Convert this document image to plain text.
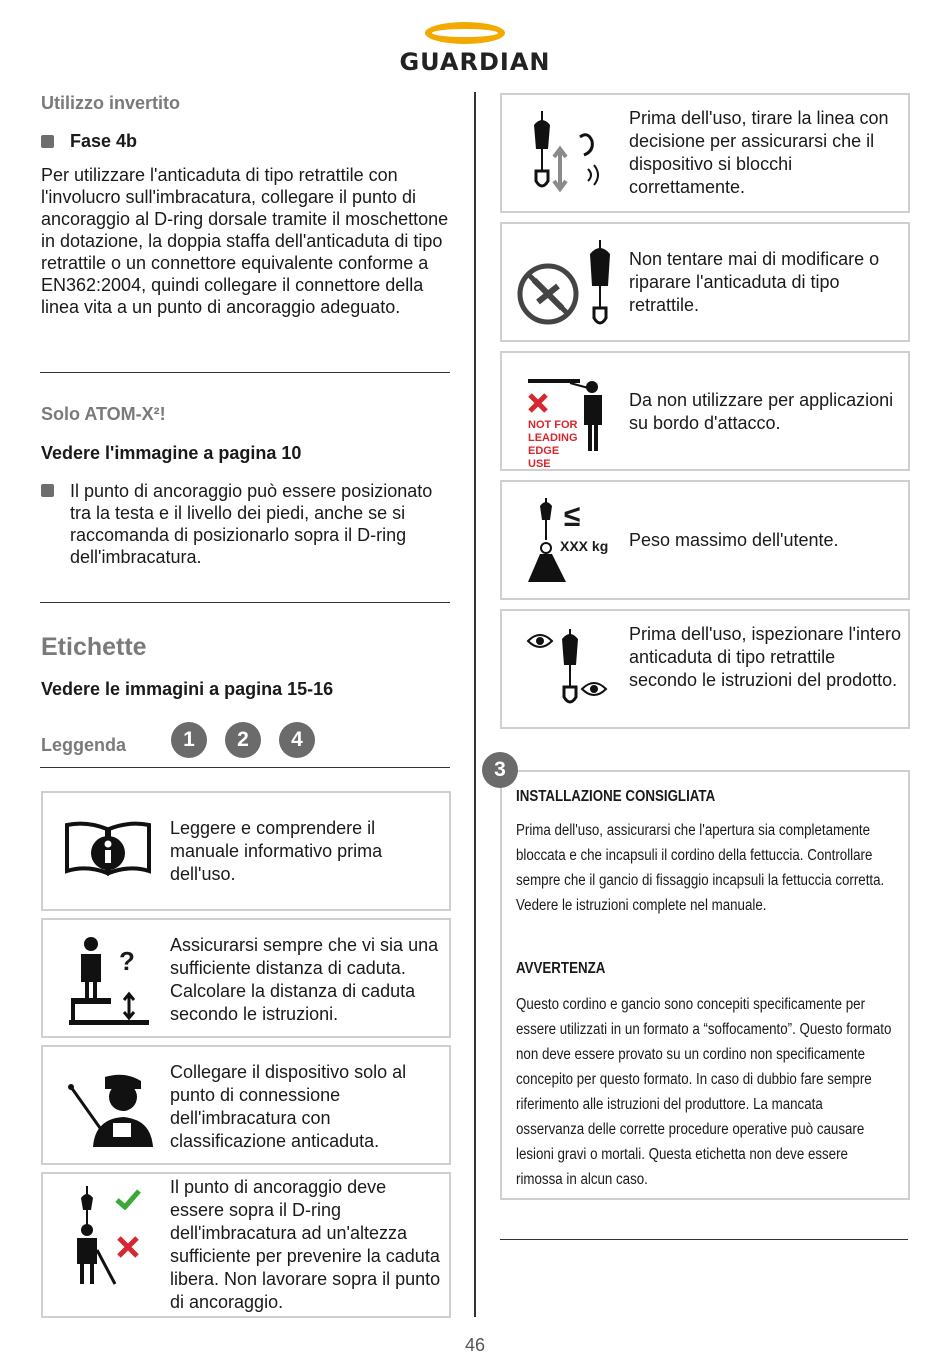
GUARDIAN
Utilizzo invertito
Fase 4b
Per utilizzare l'anticaduta di tipo retrattile con l'involucro sull'imbracatura, collegare il punto di ancoraggio al D-ring dorsale tramite il moschettone in dotazione, la doppia staffa dell'anticaduta di tipo retrattile o un connettore equivalente conforme a EN362:2004, quindi collegare il connettore della linea vita a un punto di ancoraggio adeguato.
Solo ATOM-X²!
Vedere l'immagine a pagina 10
Il punto di ancoraggio può essere posizionato tra la testa e il livello dei piedi, anche se si raccomanda di posizionarlo sopra il D-ring dell'imbracatura.
Etichette
Vedere le immagini a pagina 15-16
Leggenda	1	2	4
Leggere e comprendere il manuale informativo prima dell'uso.
?
Assicurarsi sempre che vi sia una sufficiente distanza di caduta. Calcolare la distanza di caduta secondo le istruzioni.
Collegare il dispositivo solo al punto di connessione dell'imbracatura con classificazione anticaduta.
Il punto di ancoraggio deve essere sopra il D-ring dell'imbracatura ad un'altezza sufficiente per prevenire la caduta libera. Non lavorare sopra il punto di ancoraggio.
Prima dell'uso, tirare la linea con decisione per assicurarsi che il dispositivo si blocchi correttamente.
Non tentare mai di modificare o riparare l'anticaduta di tipo retrattile.
NOT FOR LEADING EDGE USE
Da non utilizzare per applicazioni su bordo d'attacco.
≤
XXX kg Peso massimo dell'utente.
Prima dell'uso, ispezionare l'intero anticaduta di tipo retrattile secondo le istruzioni del prodotto.
INSTALLAZIONE CONSIGLIATA
Prima dell'uso, assicurarsi che l'apertura sia completamente bloccata e che incapsuli il cordino della fettuccia. Controllare sempre che il gancio di fissaggio incapsuli la fettuccia corretta. Vedere le istruzioni complete nel manuale.
AVVERTENZA
Questo cordino e gancio sono concepiti specificamente per essere utilizzati in un formato a “soffocamento”. Questo formato non deve essere provato su un cordino non specificamente concepito per questo formato. In caso di dubbio fare sempre riferimento alle istruzioni del produttore. La mancata osservanza delle corrette procedure operative può causare lesioni gravi o mortali. Questa etichetta non deve essere rimossa in alcun caso.
3
46
